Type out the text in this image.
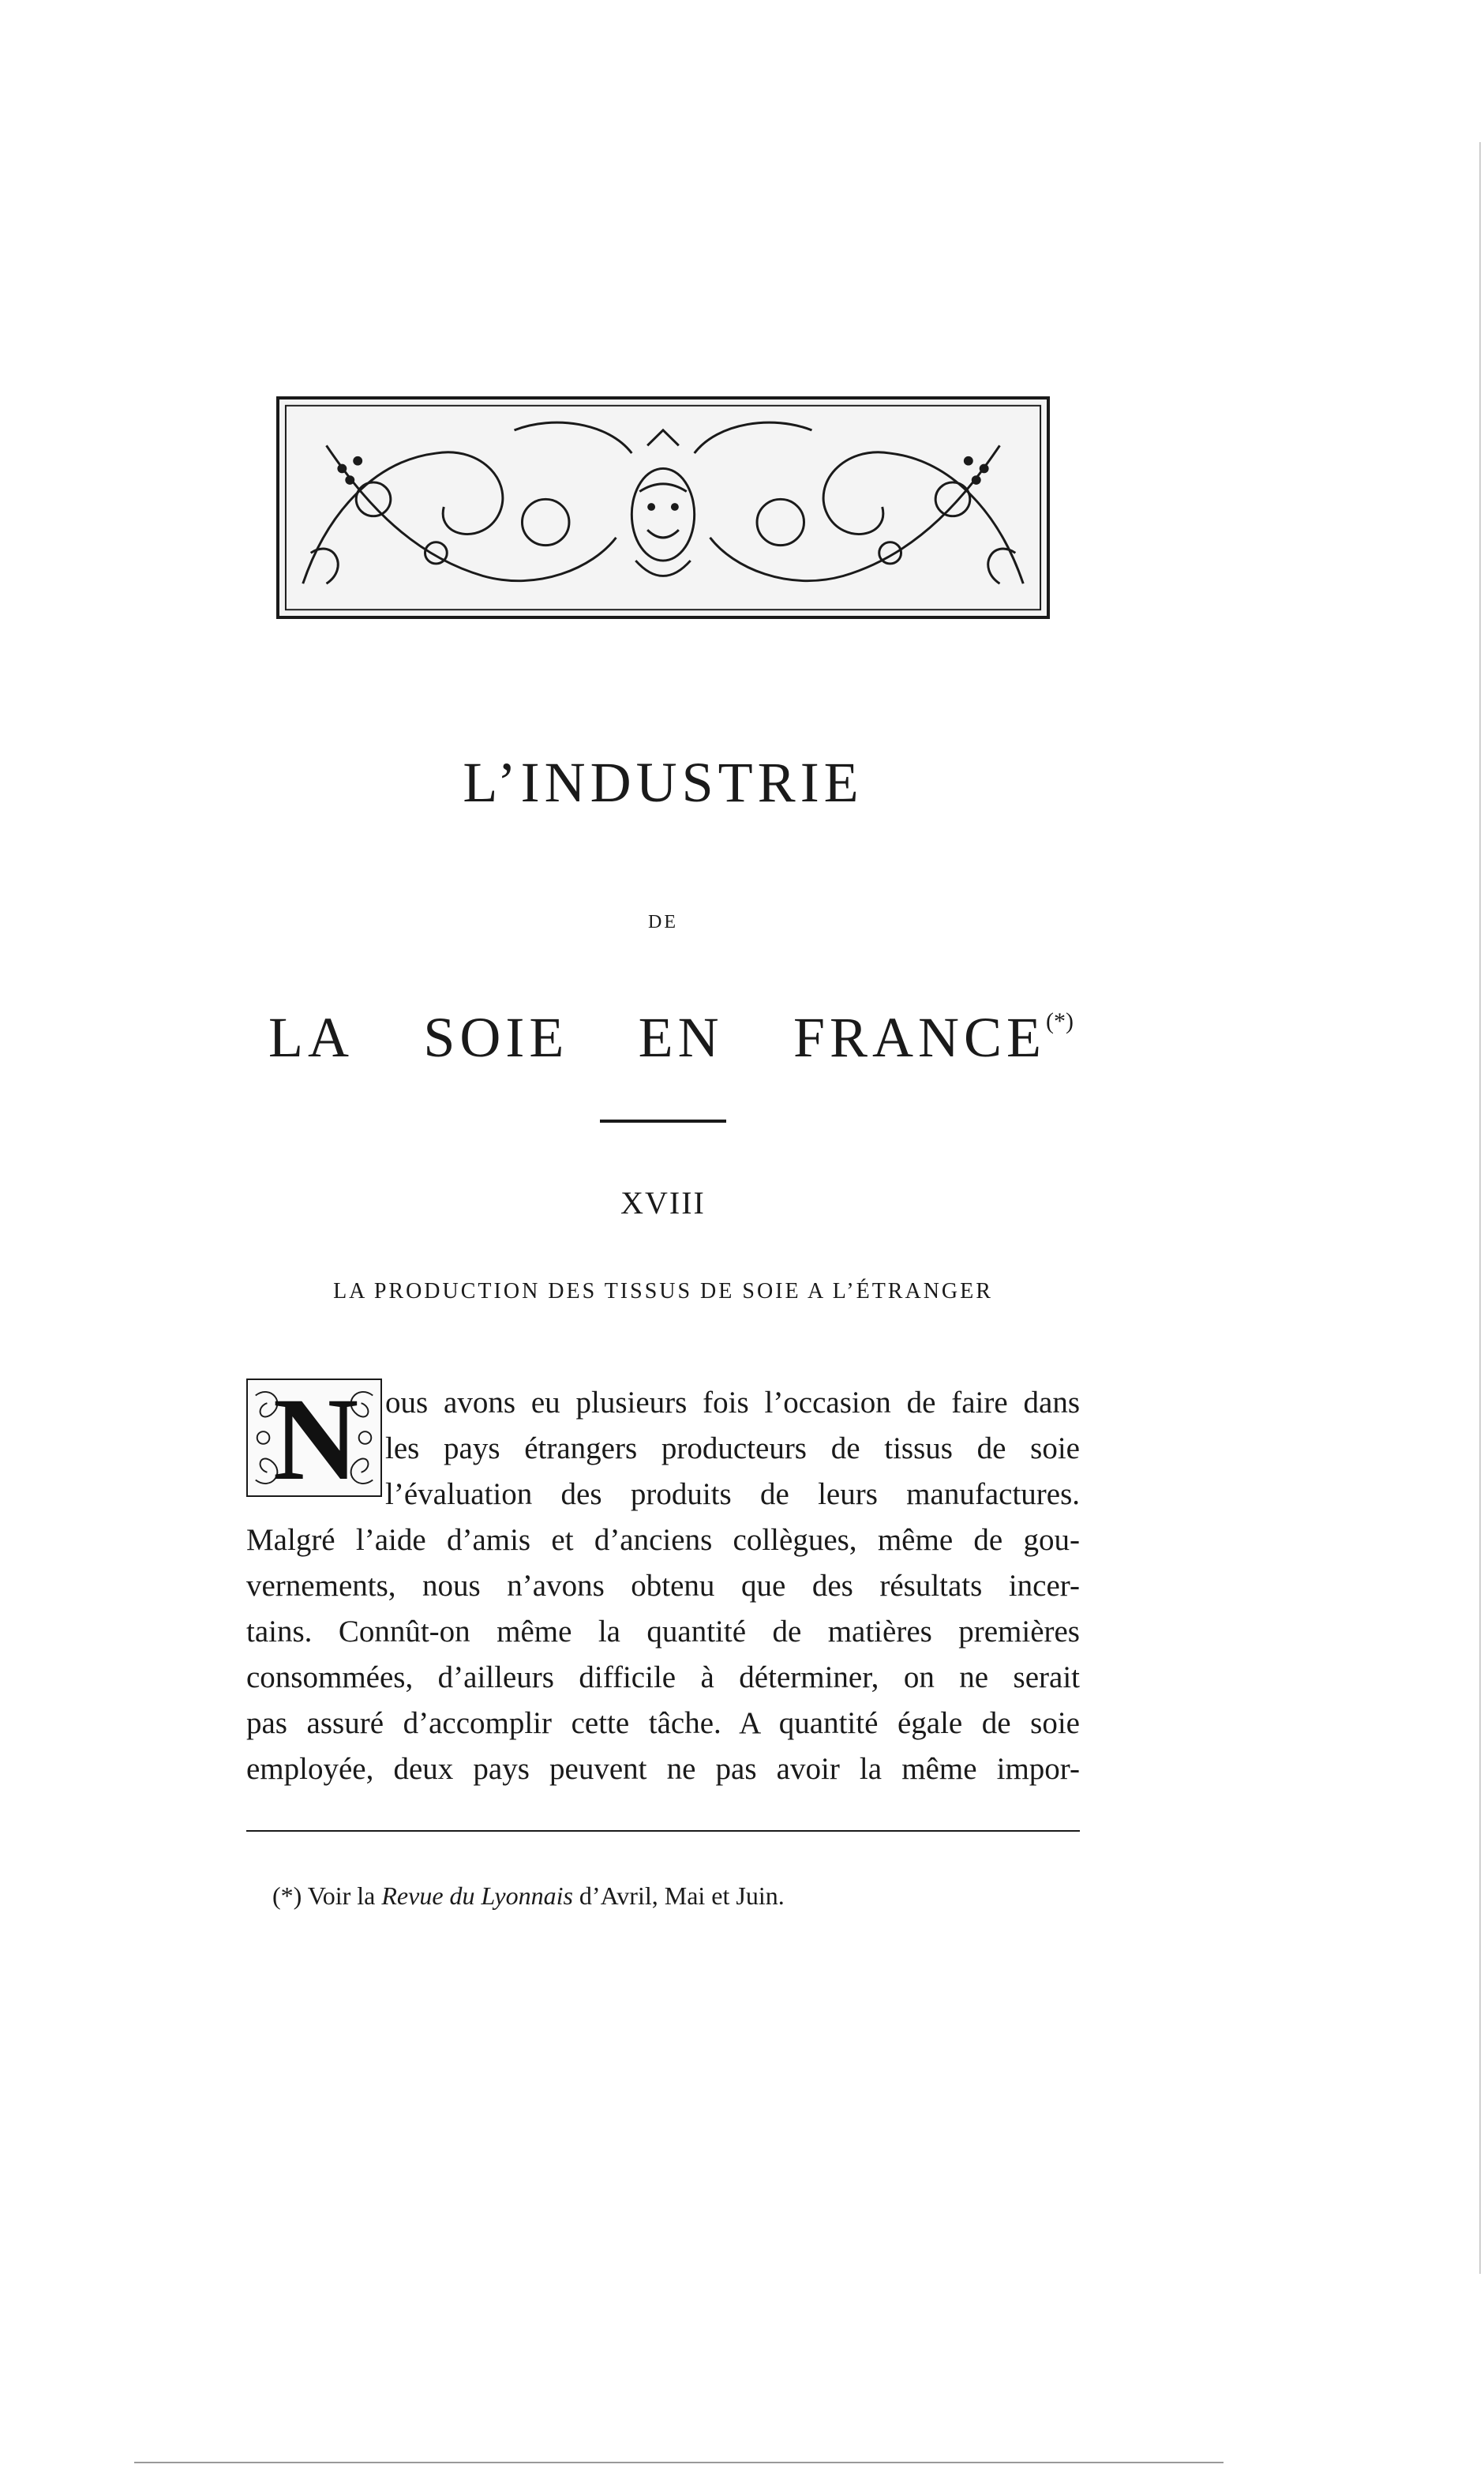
L’INDUSTRIE
DE
LA SOIE EN FRANCE(*)
XVIII
LA PRODUCTION DES TISSUS DE SOIE A L’ÉTRANGER
N ous avons eu plusieurs fois l’occasion de faire dans
les pays étrangers producteurs de tissus de soie
l’évaluation des produits de leurs manufactures.
Malgré l’aide d’amis et d’anciens collègues, même de gou-
vernements, nous n’avons obtenu que des résultats incer-
tains. Connût-on même la quantité de matières premières
consommées, d’ailleurs difficile à déterminer, on ne serait
pas assuré d’accomplir cette tâche. A quantité égale de soie
employée, deux pays peuvent ne pas avoir la même impor-
(*) Voir la Revue du Lyonnais d’Avril, Mai et Juin.
